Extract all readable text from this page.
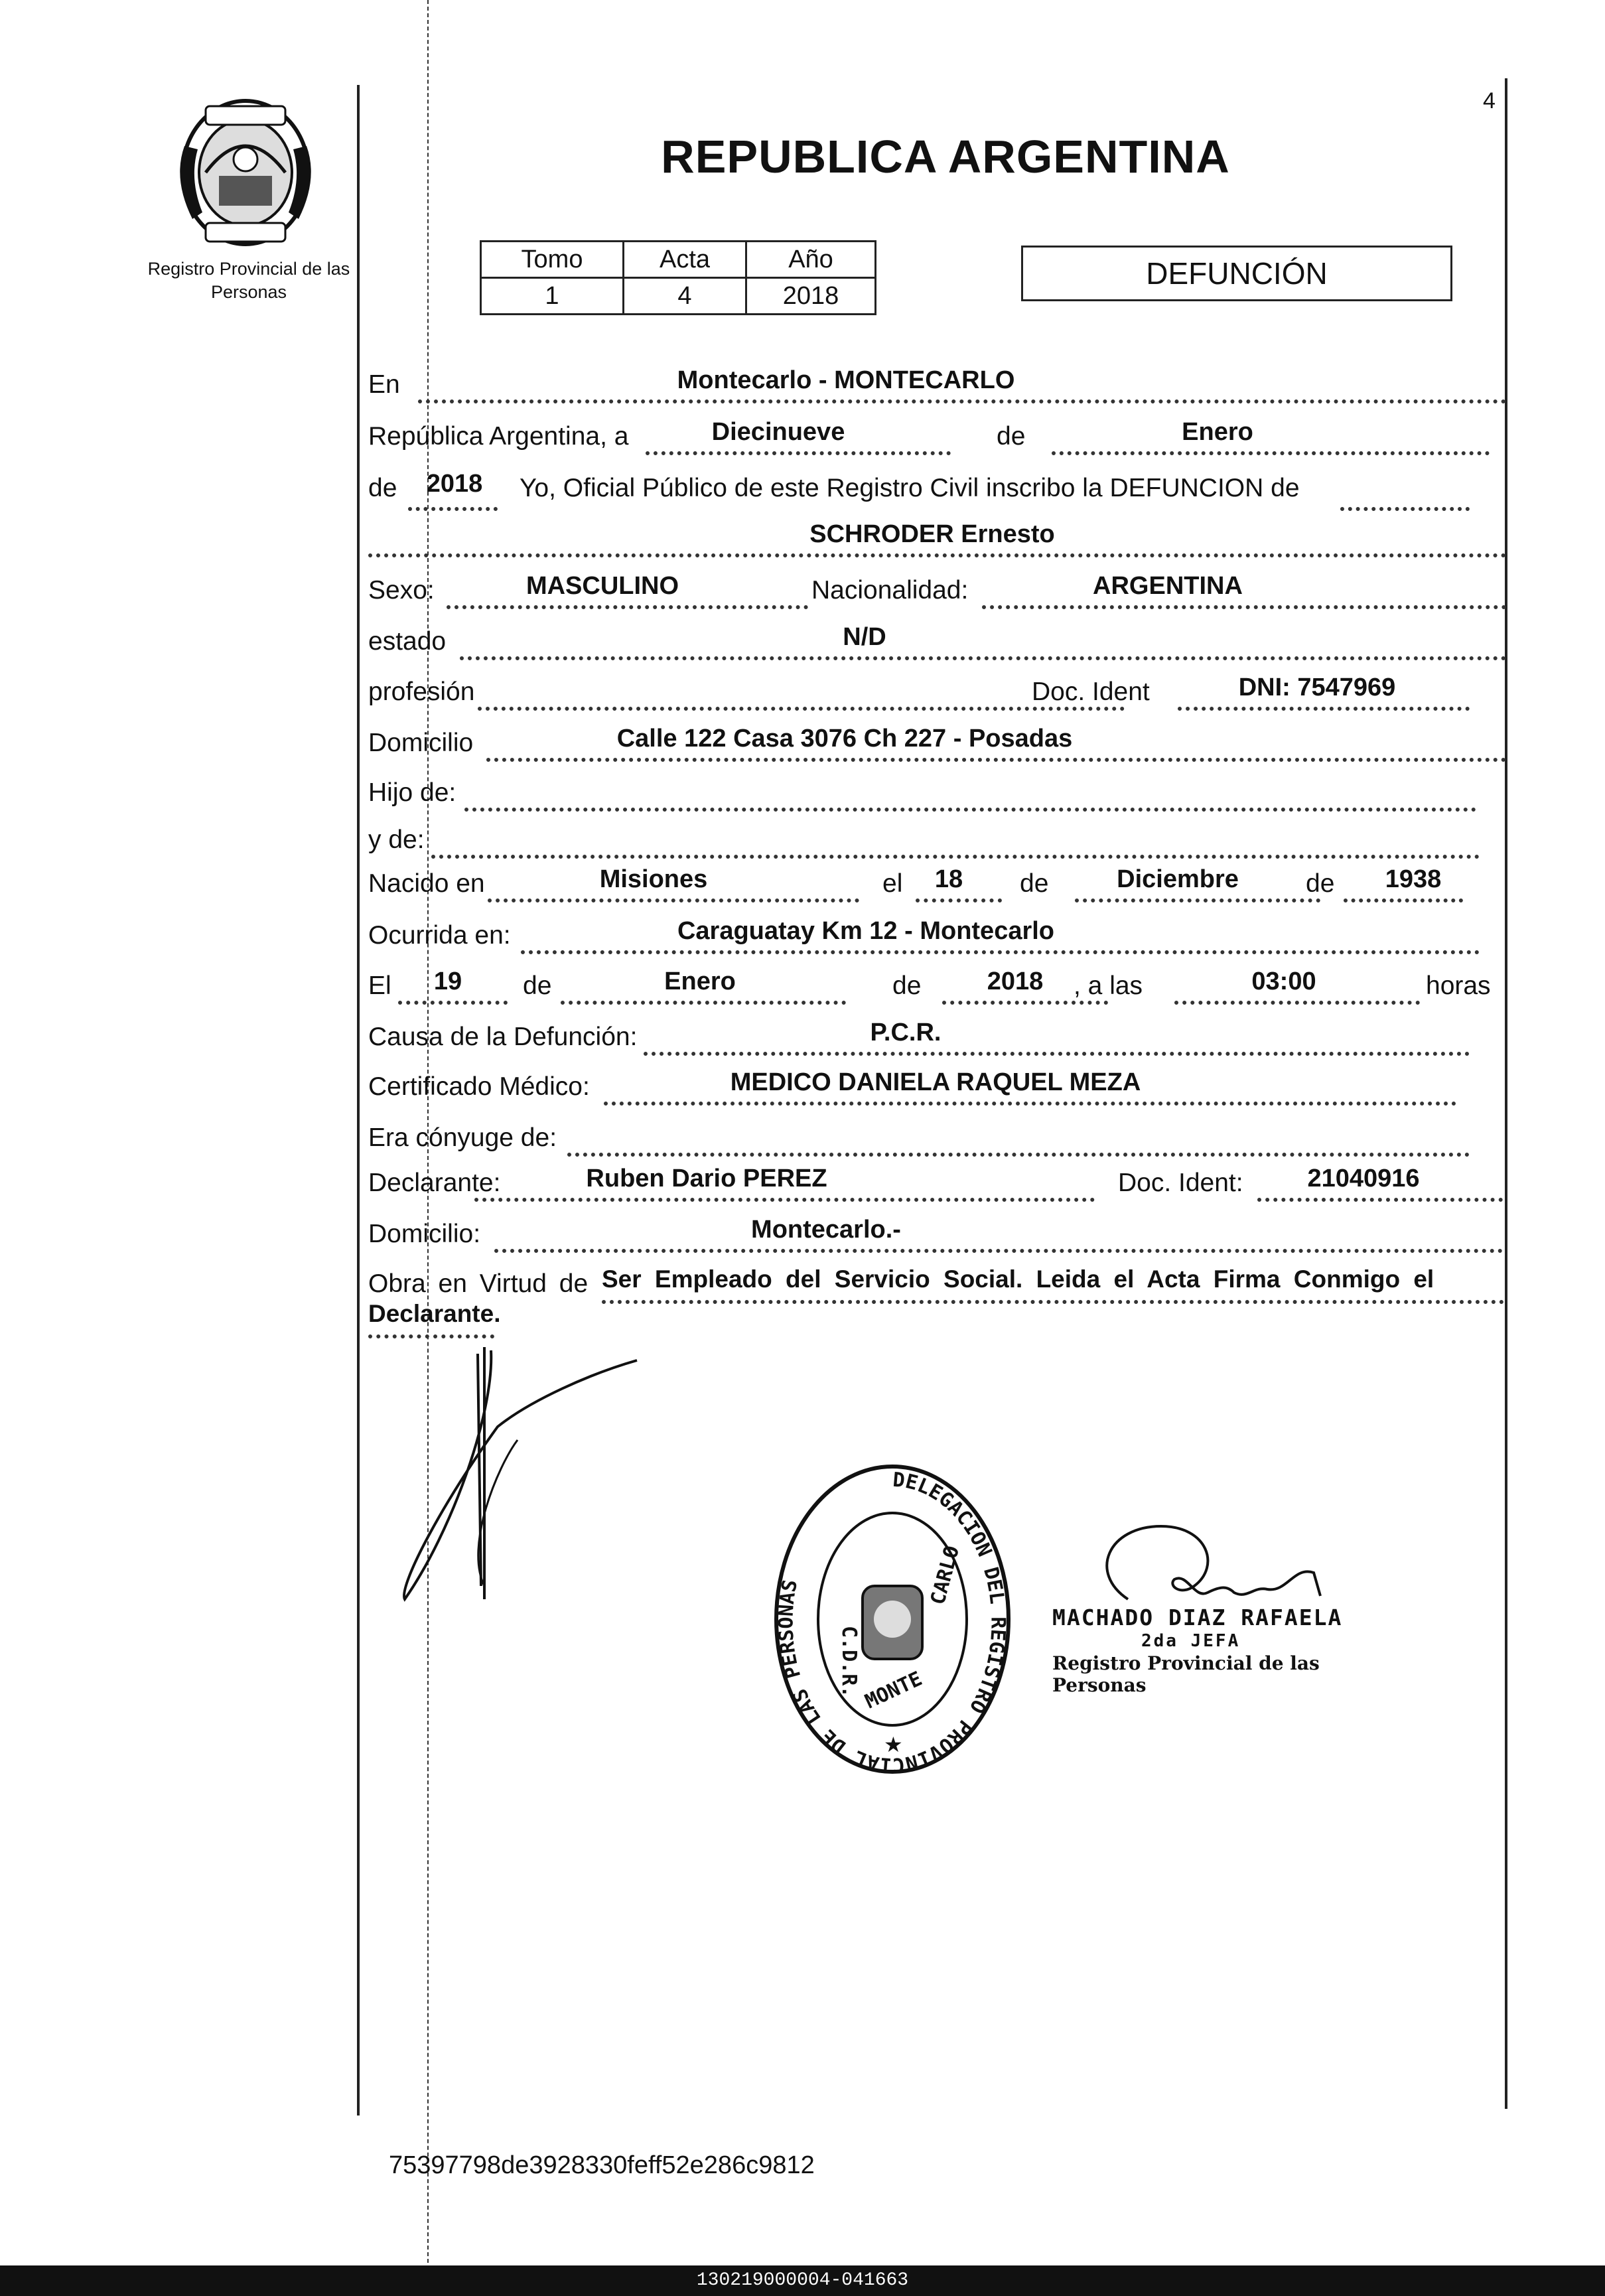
Registro Provincial de las Personas
4
REPUBLICA ARGENTINA
Tomo	Acta	Año
1	4	2018
DEFUNCIÓN
En	Montecarlo - MONTECARLO
República Argentina, a	Diecinueve	de	Enero
de	2018	Yo, Oficial Público de este Registro Civil inscribo la DEFUNCION de
SCHRODER Ernesto
Sexo:	MASCULINO	Nacionalidad:	ARGENTINA
estado	N/D
profesión	Doc. Ident	DNI: 7547969
Domicilio	Calle 122 Casa 3076 Ch 227 - Posadas
Hijo de:
y de:
Nacido en	Misiones	el	18	de	Diciembre	de	1938
Ocurrida en:	Caraguatay Km 12 - Montecarlo
El	19	de	Enero	de	2018	, a las	03:00	horas
Causa de la Defunción:	P.C.R.
Certificado Médico:	MEDICO DANIELA RAQUEL MEZA
Era cónyuge de:
Declarante:	Ruben Dario PEREZ	Doc. Ident:	21040916
Domicilio:	Montecarlo.-
Obra en Virtud de Ser Empleado del Servicio Social. Leida el Acta Firma Conmigo el
Declarante.
DELEGACION DEL REGISTRO PROVINCIAL DE LAS PERSONAS
C.D.R.
CARLO
MONTE
★
MACHADO DIAZ RAFAELA
2da JEFA
Registro Provincial de las Personas
75397798de3928330feff52e286c9812
130219000004-041663
